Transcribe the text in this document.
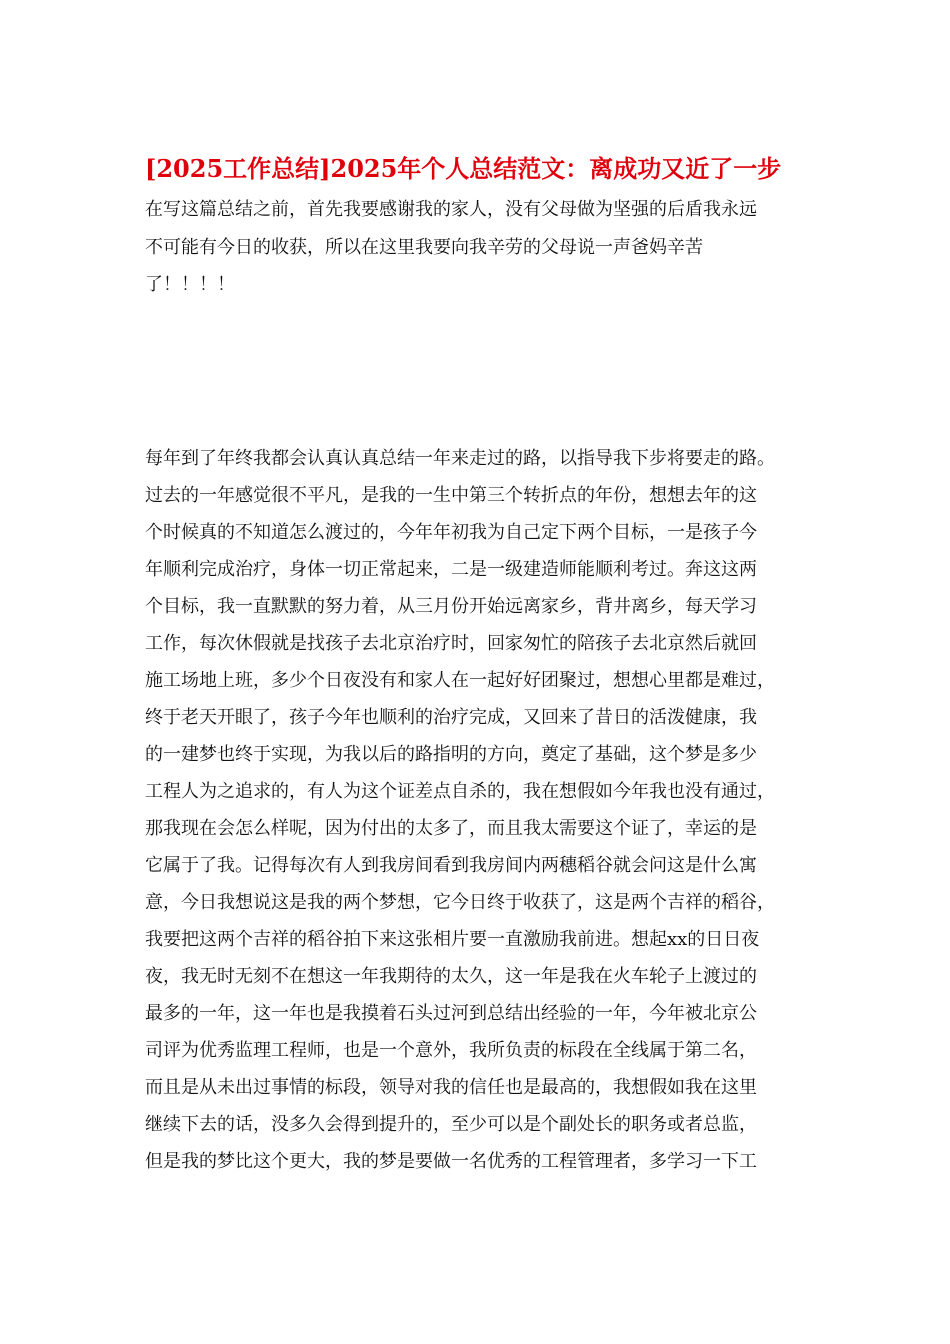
[2025工作总结]2025年个人总结范文：离成功又近了一步

在写这篇总结之前，首先我要感谢我的家人，没有父母做为坚强的后盾我永远

不可能有今日的收获，所以在这里我要向我辛劳的父母说一声爸妈辛苦

了！！！！

每年到了年终我都会认真认真总结一年来走过的路，以指导我下步将要走的路。

过去的一年感觉很不平凡，是我的一生中第三个转折点的年份，想想去年的这

个时候真的不知道怎么渡过的，今年年初我为自己定下两个目标，一是孩子今

年顺利完成治疗，身体一切正常起来，二是一级建造师能顺利考过。奔这这两

个目标，我一直默默的努力着，从三月份开始远离家乡，背井离乡，每天学习

工作，每次休假就是找孩子去北京治疗时，回家匆忙的陪孩子去北京然后就回

施工场地上班，多少个日夜没有和家人在一起好好团聚过，想想心里都是难过，

终于老天开眼了，孩子今年也顺利的治疗完成，又回来了昔日的活泼健康，我

的一建梦也终于实现，为我以后的路指明的方向，奠定了基础，这个梦是多少

工程人为之追求的，有人为这个证差点自杀的，我在想假如今年我也没有通过，

那我现在会怎么样呢，因为付出的太多了，而且我太需要这个证了，幸运的是

它属于了我。记得每次有人到我房间看到我房间内两穗稻谷就会问这是什么寓

意，今日我想说这是我的两个梦想，它今日终于收获了，这是两个吉祥的稻谷，

我要把这两个吉祥的稻谷拍下来这张相片要一直激励我前进。想起xx的日日夜

夜，我无时无刻不在想这一年我期待的太久，这一年是我在火车轮子上渡过的

最多的一年，这一年也是我摸着石头过河到总结出经验的一年，今年被北京公

司评为优秀监理工程师，也是一个意外，我所负责的标段在全线属于第二名，

而且是从未出过事情的标段，领导对我的信任也是最高的，我想假如我在这里

继续下去的话，没多久会得到提升的，至少可以是个副处长的职务或者总监，

但是我的梦比这个更大，我的梦是要做一名优秀的工程管理者，多学习一下工
